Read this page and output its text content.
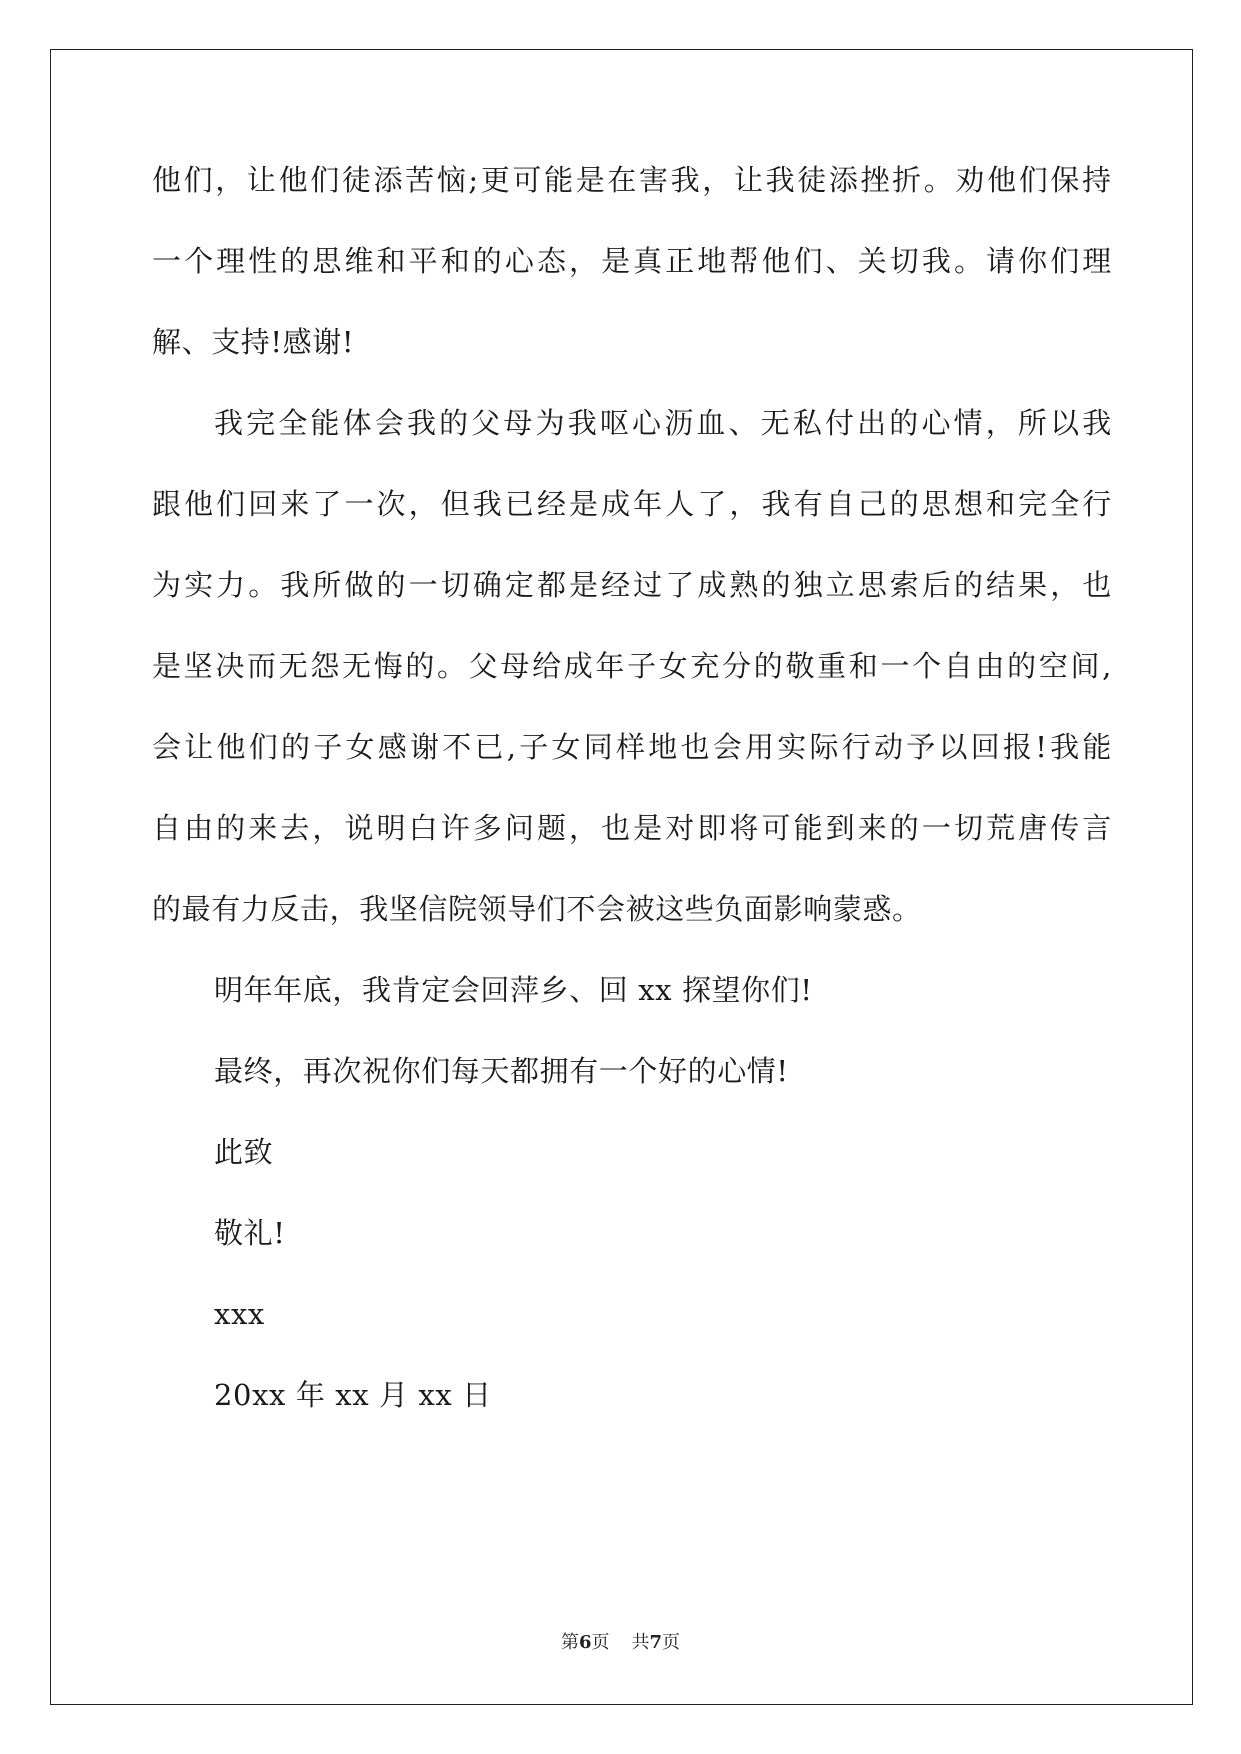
他 们 ， 让 他 们 徒 添 苦 恼 ; 更 可 能 是 在 害 我 ， 让 我 徒 添 挫 折 。 劝 他 们 保 持
一 个 理 性 的 思 维 和 平 和 的 心 态 ， 是 真 正 地 帮 他 们 、 关 切 我 。 请 你 们 理
解、支持!感谢!
我 完 全 能 体 会 我 的 父 母 为 我 呕 心 沥 血 、 无 私 付 出 的 心 情 ， 所 以 我
跟 他 们 回 来 了 一 次 ， 但 我 已 经 是 成 年 人 了 ， 我 有 自 己 的 思 想 和 完 全 行
为 实 力 。 我 所 做 的 一 切 确 定 都 是 经 过 了 成 熟 的 独 立 思 索 后 的 结 果 ， 也
是 坚 决 而 无 怨 无 悔 的 。 父 母 给 成 年 子 女 充 分 的 敬 重 和 一 个 自 由 的 空 间 ,
会 让 他 们 的 子 女 感 谢 不 已 , 子 女 同 样 地 也 会 用 实 际 行 动 予 以 回 报 ! 我 能
自 由 的 来 去 ， 说 明 白 许 多 问 题 ， 也 是 对 即 将 可 能 到 来 的 一 切 荒 唐 传 言
的最有力反击，我坚信院领导们不会被这些负面影响蒙惑。
明年年底，我肯定会回萍乡、回 xx 探望你们!
最终，再次祝你们每天都拥有一个好的心情!
此致
敬礼!
xxx
20xx 年 xx 月 xx 日
第6页 共7页
